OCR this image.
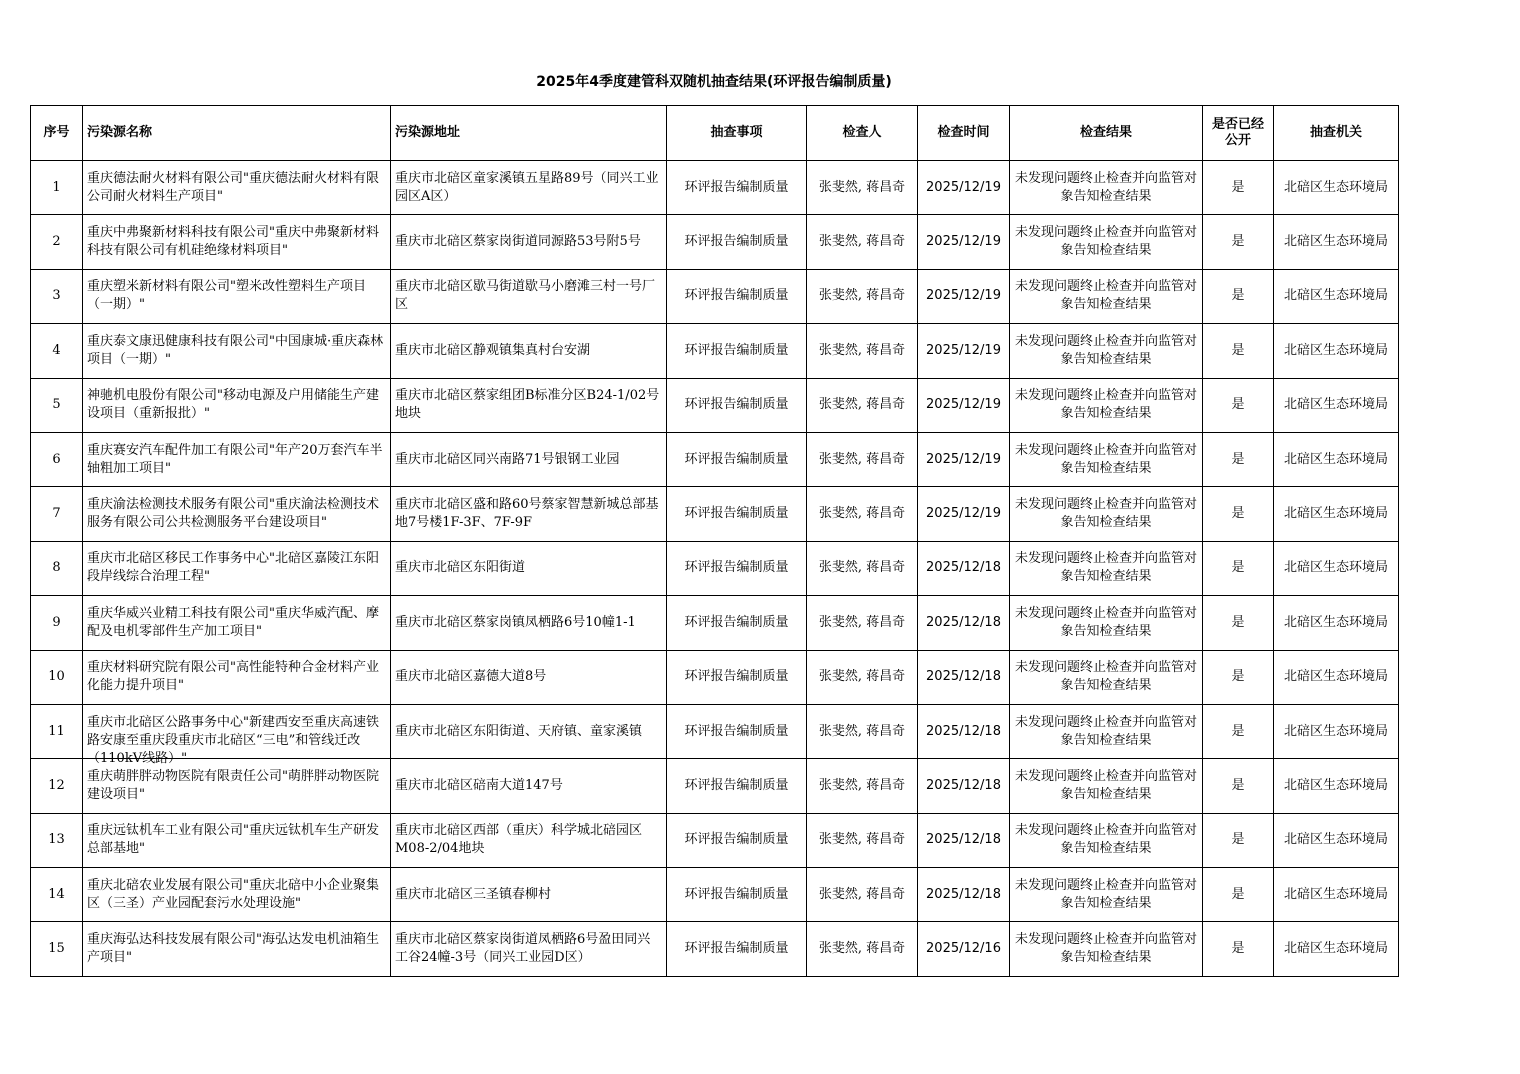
2025年4季度建管科双随机抽查结果(环评报告编制质量)
序号	污染源名称	污染源地址	抽查事项	检查人	检查时间	检查结果	是否已经公开	抽查机关
1	重庆德法耐火材料有限公司"重庆德法耐火材料有限公司耐火材料生产项目"	重庆市北碚区童家溪镇五星路89号（同兴工业园区A区）	环评报告编制质量	张斐然, 蒋昌奇	2025/12/19	未发现问题终止检查并向监管对象告知检查结果	是	北碚区生态环境局
2	重庆中弗聚新材料科技有限公司"重庆中弗聚新材料科技有限公司有机硅绝缘材料项目"	重庆市北碚区蔡家岗街道同源路53号附5号	环评报告编制质量	张斐然, 蒋昌奇	2025/12/19	未发现问题终止检查并向监管对象告知检查结果	是	北碚区生态环境局
3	重庆塑米新材料有限公司"塑米改性塑料生产项目（一期）"	重庆市北碚区歇马街道歇马小磨滩三村一号厂区	环评报告编制质量	张斐然, 蒋昌奇	2025/12/19	未发现问题终止检查并向监管对象告知检查结果	是	北碚区生态环境局
4	重庆泰文康迅健康科技有限公司"中国康城·重庆森林项目（一期）"	重庆市北碚区静观镇集真村台安湖	环评报告编制质量	张斐然, 蒋昌奇	2025/12/19	未发现问题终止检查并向监管对象告知检查结果	是	北碚区生态环境局
5	神驰机电股份有限公司"移动电源及户用储能生产建设项目（重新报批）"	重庆市北碚区蔡家组团B标准分区B24-1/02号地块	环评报告编制质量	张斐然, 蒋昌奇	2025/12/19	未发现问题终止检查并向监管对象告知检查结果	是	北碚区生态环境局
6	重庆赛安汽车配件加工有限公司"年产20万套汽车半轴粗加工项目"	重庆市北碚区同兴南路71号银钢工业园	环评报告编制质量	张斐然, 蒋昌奇	2025/12/19	未发现问题终止检查并向监管对象告知检查结果	是	北碚区生态环境局
7	重庆渝法检测技术服务有限公司"重庆渝法检测技术服务有限公司公共检测服务平台建设项目"	重庆市北碚区盛和路60号蔡家智慧新城总部基地7号楼1F-3F、7F-9F	环评报告编制质量	张斐然, 蒋昌奇	2025/12/19	未发现问题终止检查并向监管对象告知检查结果	是	北碚区生态环境局
8	重庆市北碚区移民工作事务中心"北碚区嘉陵江东阳段岸线综合治理工程"	重庆市北碚区东阳街道	环评报告编制质量	张斐然, 蒋昌奇	2025/12/18	未发现问题终止检查并向监管对象告知检查结果	是	北碚区生态环境局
9	重庆华威兴业精工科技有限公司"重庆华威汽配、摩配及电机零部件生产加工项目"	重庆市北碚区蔡家岗镇凤栖路6号10幢1-1	环评报告编制质量	张斐然, 蒋昌奇	2025/12/18	未发现问题终止检查并向监管对象告知检查结果	是	北碚区生态环境局
10	重庆材料研究院有限公司"高性能特种合金材料产业化能力提升项目"	重庆市北碚区嘉德大道8号	环评报告编制质量	张斐然, 蒋昌奇	2025/12/18	未发现问题终止检查并向监管对象告知检查结果	是	北碚区生态环境局
11	重庆市北碚区公路事务中心"新建西安至重庆高速铁路安康至重庆段重庆市北碚区“三电”和管线迁改（110kV线路）"	重庆市北碚区东阳街道、天府镇、童家溪镇	环评报告编制质量	张斐然, 蒋昌奇	2025/12/18	未发现问题终止检查并向监管对象告知检查结果	是	北碚区生态环境局
12	重庆萌胖胖动物医院有限责任公司"萌胖胖动物医院建设项目"	重庆市北碚区碚南大道147号	环评报告编制质量	张斐然, 蒋昌奇	2025/12/18	未发现问题终止检查并向监管对象告知检查结果	是	北碚区生态环境局
13	重庆远钛机车工业有限公司"重庆远钛机车生产研发总部基地"	重庆市北碚区西部（重庆）科学城北碚园区M08-2/04地块	环评报告编制质量	张斐然, 蒋昌奇	2025/12/18	未发现问题终止检查并向监管对象告知检查结果	是	北碚区生态环境局
14	重庆北碚农业发展有限公司"重庆北碚中小企业聚集区（三圣）产业园配套污水处理设施"	重庆市北碚区三圣镇春柳村	环评报告编制质量	张斐然, 蒋昌奇	2025/12/18	未发现问题终止检查并向监管对象告知检查结果	是	北碚区生态环境局
15	重庆海弘达科技发展有限公司"海弘达发电机油箱生产项目"	重庆市北碚区蔡家岗街道凤栖路6号盈田同兴工谷24幢-3号（同兴工业园D区）	环评报告编制质量	张斐然, 蒋昌奇	2025/12/16	未发现问题终止检查并向监管对象告知检查结果	是	北碚区生态环境局
